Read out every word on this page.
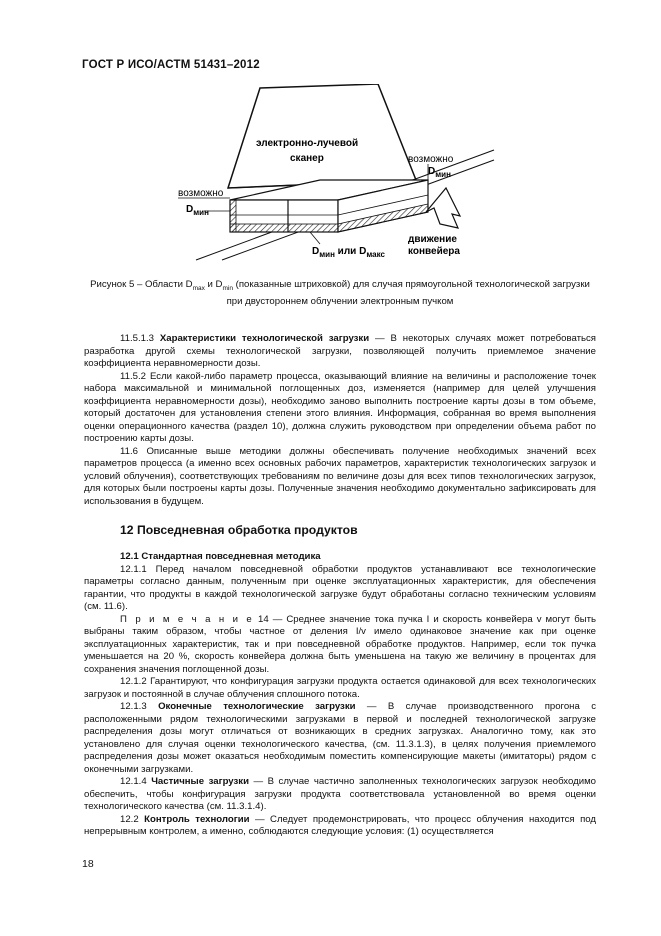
ГОСТ Р ИСО/АСТМ 51431–2012
электронно-лучевой
сканер
возможно
$D_{мин}$
возможно
$D_{мин}$
$D_{мин}$ или $D_{макс}$
движение
конвейера
Рисунок 5 – Области $D_{max}$ и $D_{min}$ (показанные штриховкой) для случая прямоугольной технологической загрузки при двустороннем облучении электронным пучком

11.5.1.3 Характеристики технологической загрузки — В некоторых случаях может потребоваться разработка другой схемы технологической загрузки, позволяющей получить приемлемое значение коэффициента неравномерности дозы.

11.5.2 Если какой-либо параметр процесса, оказывающий влияние на величины и расположение точек набора максимальной и минимальной поглощенных доз, изменяется (например для целей улучшения коэффициента неравномерности дозы), необходимо заново выполнить построение карты дозы в том объеме, который достаточен для установления степени этого влияния. Информация, собранная во время выполнения оценки операционного качества (раздел 10), должна служить руководством при определении объема работ по построению карты дозы.

11.6 Описанные выше методики должны обеспечивать получение необходимых значений всех параметров процесса (а именно всех основных рабочих параметров, характеристик технологических загрузок и условий облучения), соответствующих требованиям по величине дозы для всех типов технологических загрузок, для которых были построены карты дозы. Полученные значения необходимо документально зафиксировать для использования в будущем.

12 Повседневная обработка продуктов

12.1 Стандартная повседневная методика

12.1.1 Перед началом повседневной обработки продуктов устанавливают все технологические параметры согласно данным, полученным при оценке эксплуатационных характеристик, для обеспечения гарантии, что продукты в каждой технологической загрузке будут обработаны согласно техническим условиям (см. 11.6).

П р и м е ч а н и е 14 — Среднее значение тока пучка I и скорость конвейера v могут быть выбраны таким образом, чтобы частное от деления I/v имело одинаковое значение как при оценке эксплуатационных характеристик, так и при повседневной обработке продуктов. Например, если ток пучка уменьшается на 20 %, скорость конвейера должна быть уменьшена на такую же величину в процентах для сохранения значения поглощенной дозы.

12.1.2 Гарантируют, что конфигурация загрузки продукта остается одинаковой для всех технологических загрузок и постоянной в случае облучения сплошного потока.

12.1.3 Оконечные технологические загрузки — В случае производственного прогона с расположенными рядом технологическими загрузками в первой и последней технологической загрузке распределения дозы могут отличаться от возникающих в средних загрузках. Аналогично тому, как это установлено для случая оценки технологического качества, (см. 11.3.1.3), в целях получения приемлемого распределения дозы может оказаться необходимым поместить компенсирующие макеты (имитаторы) рядом с оконечными загрузками.

12.1.4 Частичные загрузки — В случае частично заполненных технологических загрузок необходимо обеспечить, чтобы конфигурация загрузки продукта соответствовала установленной во время оценки технологического качества (см. 11.3.1.4).

12.2 Контроль технологии — Следует продемонстрировать, что процесс облучения находится под непрерывным контролем, а именно, соблюдаются следующие условия: (1) осуществляется

18
